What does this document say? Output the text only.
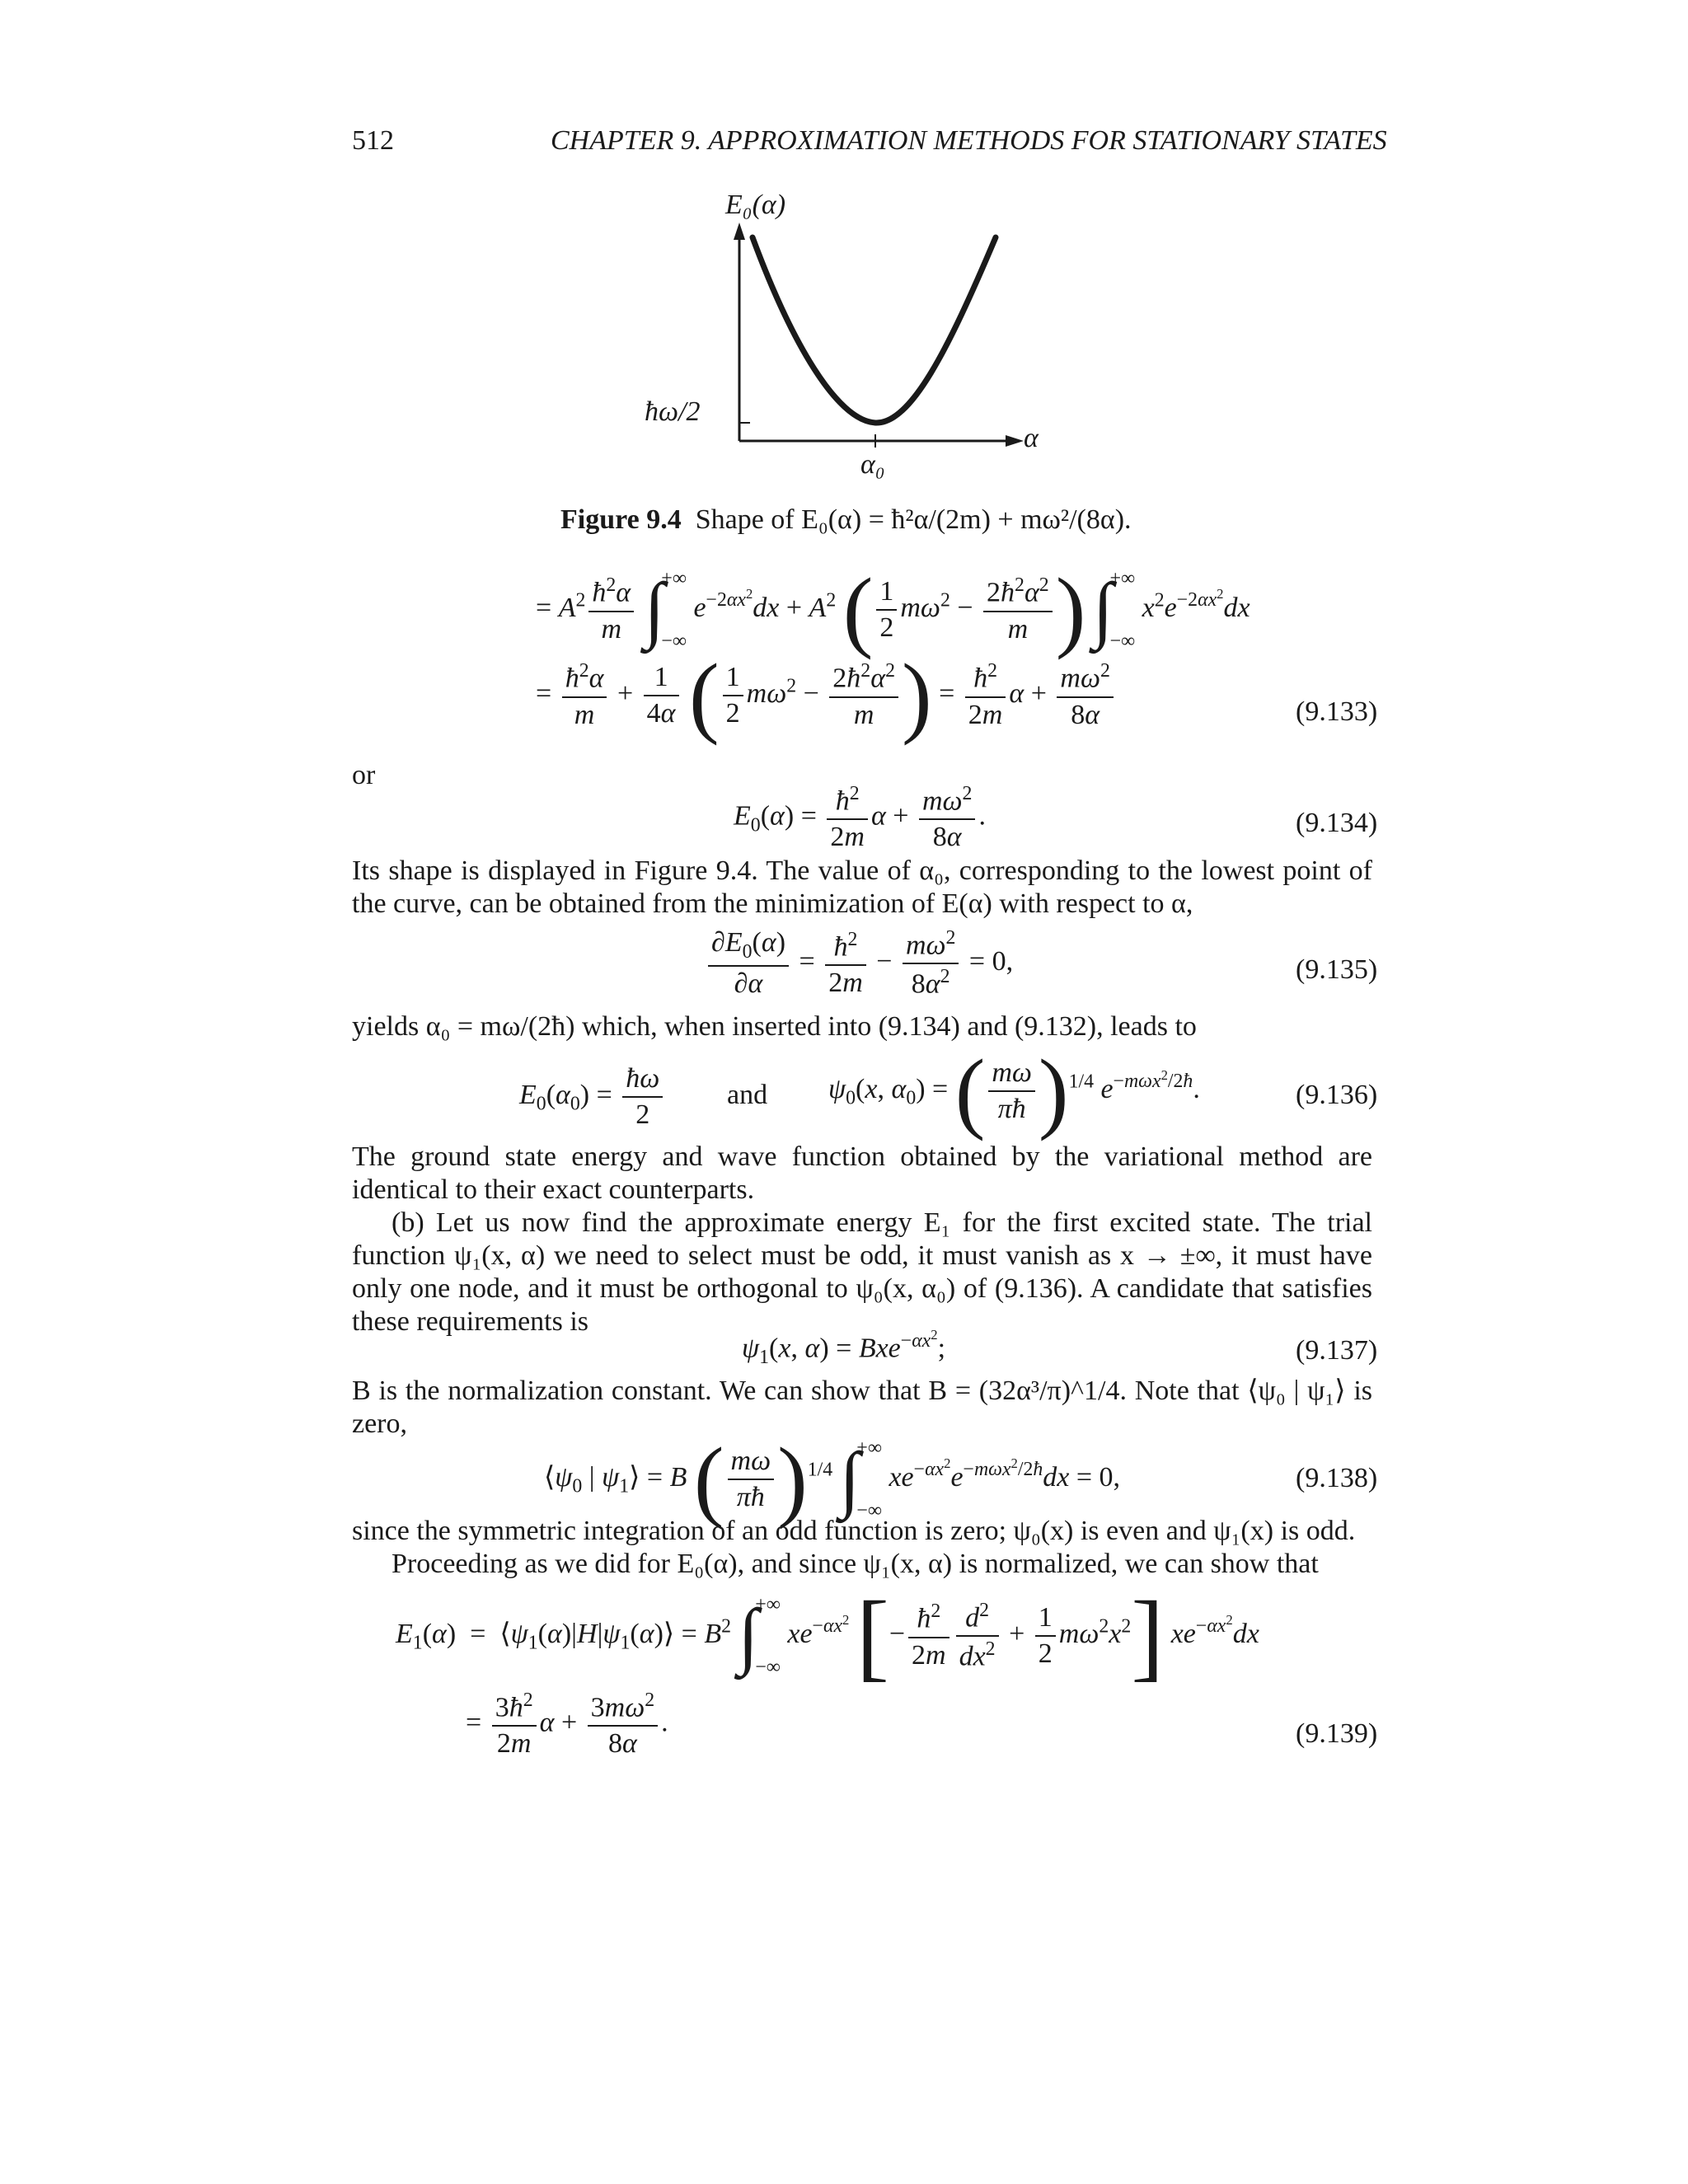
512	CHAPTER 9. APPROXIMATION METHODS FOR STATIONARY STATES
E₀(α)
α
ħω/2
α₀
Figure 9.4 Shape of E₀(α) = ħ²α/(2m) + mω²/(8α).
= $A^2 \frac{ħ^2\alpha}{m}$ ∫
+∞
−∞
$e^{-2\alpha x^2}dx + A^2$ ( $\frac{1}{2} m\omega^2 - \frac{2ħ^2\alpha^2}{m}$ ) ∫
+∞
−∞
$x^2e^{-2\alpha x^2}dx$
= $\frac{ħ^2\alpha}{m} + \frac{1}{4\alpha}$ ( $\frac{1}{2} m\omega^2 - \frac{2ħ^2\alpha^2}{m}$ ) = $\frac{ħ^2}{2m}$ $\alpha + \frac{m\omega^2}{8\alpha}$	(9.133)
or
$E_0(\alpha) = \frac{ħ^2}{2m}$ $\alpha + \frac{m\omega^2}{8\alpha}$ .	(9.134)

Its shape is displayed in Figure 9.4. The value of α₀, corresponding to the lowest point of the curve, can be obtained from the minimization of E(α) with respect to α,

$\frac{\partial E_0(\alpha)}{\partial\alpha} = \frac{ħ^2}{2m} - \frac{m\omega^2}{8\alpha^2} = 0$,	(9.135)

yields α₀ = mω/(2ħ) which, when inserted into (9.134) and (9.132), leads to

$E_0(\alpha_0) = \frac{ħ\omega}{2}$ and $\psi_0(x$, $\alpha_0$) = ( $\frac{m\omega}{\pi ħ} )^{1/4}$ $e^{-m\omega x^2/2ħ}$.	(9.136)

The ground state energy and wave function obtained by the variational method are identical to their exact counterparts.

(b) Let us now find the approximate energy E₁ for the first excited state. The trial function ψ₁(x, α) we need to select must be odd, it must vanish as x → ±∞, it must have only one node, and it must be orthogonal to ψ₀(x, α₀) of (9.136). A candidate that satisfies these requirements is

$\psi_1(x$, α) = Bxe$^{-\alpha x^2}$;	(9.137)

B is the normalization constant. We can show that B = (32α³/π)^1/4. Note that ⟨ψ₀ | ψ₁⟩ is zero,

$⟨\psi_0$ | $\psi_1⟩ = B$ ( $\frac{m\omega}{\pi ħ} )^{1/4}$ ∫
+∞
−∞
$xe^{-\alpha x^2}e^{-m\omega x^2/2ħ}dx = 0$,	(9.138)

since the symmetric integration of an odd function is zero; ψ₀(x) is even and ψ₁(x) is odd.

Proceeding as we did for E₀(α), and since ψ₁(x, α) is normalized, we can show that

$E_1(\alpha)$  =  $⟨\psi_1(\alpha)|H|\psi_1(\alpha)⟩ = B^2$ ∫
+∞
−∞
$xe^{-\alpha x^2}$ [− $\frac{ħ^2}{2m} \frac{d^2}{dx^2} + \frac{1}{2} m\omega^2x^2$] $xe^{-\alpha x^2}dx$
= $\frac{3ħ^2}{2m}$ $\alpha + \frac{3m\omega^2}{8\alpha}$ .	(9.139)
